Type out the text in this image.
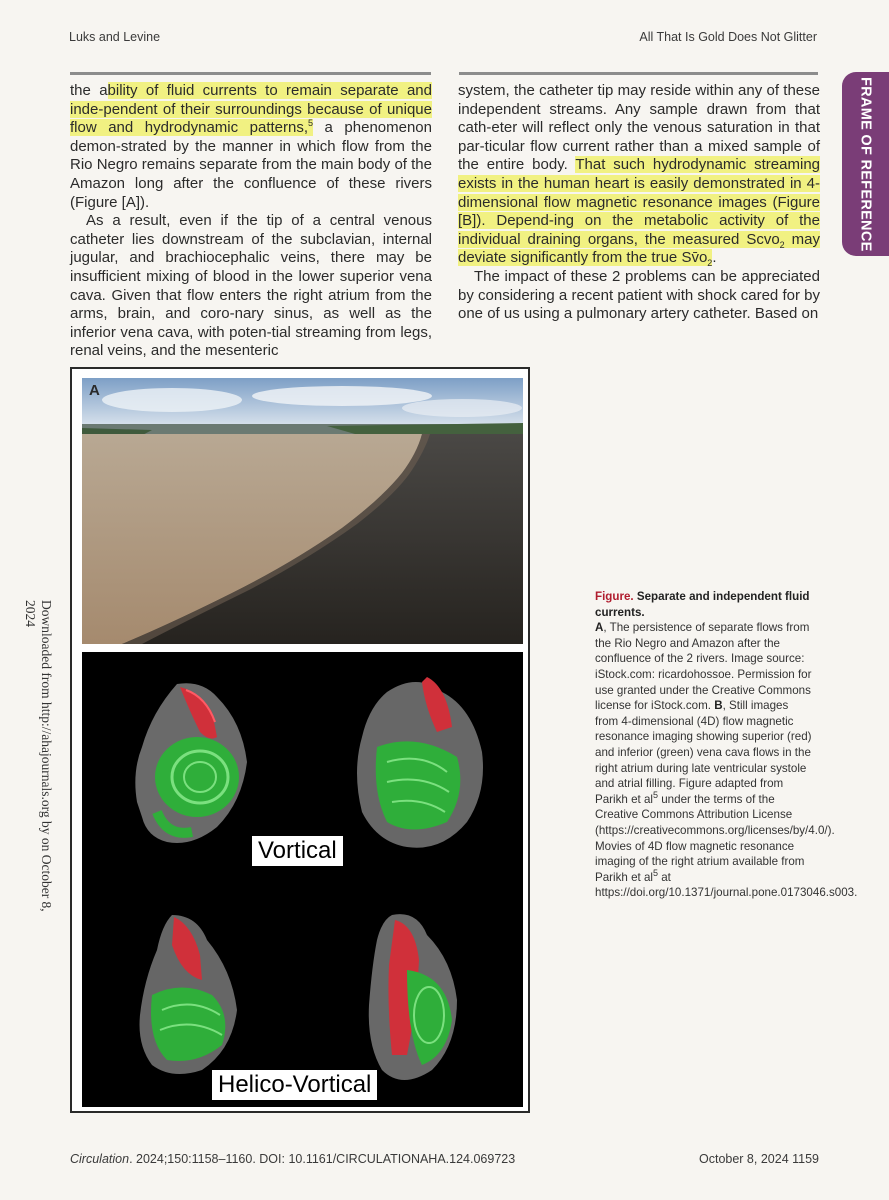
Luks and Levine	All That Is Gold Does Not Glitter
FRAME OF REFERENCE
Downloaded from http://ahajournals.org by on October 8, 2024

the ability of fluid currents to remain separate and inde-pendent of their surroundings because of unique flow and hydrodynamic patterns,$^5$ a phenomenon demon-strated by the manner in which flow from the Rio Negro remains separate from the main body of the Amazon long after the confluence of these rivers (Figure [A]).

As a result, even if the tip of a central venous catheter lies downstream of the subclavian, internal jugular, and brachiocephalic veins, there may be insufficient mixing of blood in the lower superior vena cava. Given that flow enters the right atrium from the arms, brain, and coro-nary sinus, as well as the inferior vena cava, with poten-tial streaming from legs, renal veins, and the mesenteric

system, the catheter tip may reside within any of these independent streams. Any sample drawn from that cath-eter will reflect only the venous saturation in that par-ticular flow current rather than a mixed sample of the entire body. That such hydrodynamic streaming exists in the human heart is easily demonstrated in 4-dimensional flow magnetic resonance images (Figure [B]). Depend-ing on the metabolic activity of the individual draining organs, the measured Scvo$_2$ may deviate significantly from the true $Sv̄o_2$.

The impact of these 2 problems can be appreciated by considering a recent patient with shock cared for by one of us using a pulmonary artery catheter. Based on

A
Vortical
Helico-Vortical
Figure. Separate and independent fluid currents.
A, The persistence of separate flows from the Rio Negro and Amazon after the confluence of the 2 rivers. Image source: iStock.com: ricardohossoe. Permission for use granted under the Creative Commons license for iStock.com. B, Still images from 4-dimensional (4D) flow magnetic resonance imaging showing superior (red) and inferior (green) vena cava flows in the right atrium during late ventricular systole and atrial filling. Figure adapted from Parikh et $al^5$ under the terms of the Creative Commons Attribution License (https://creativecommons.org/licenses/by/4.0/). Movies of 4D flow magnetic resonance imaging of the right atrium available from Parikh et $al^5$ at https://doi.org/10.1371/journal.pone.0173046.s003.
Circulation. 2024;150:1158–1160. DOI: 10.1161/CIRCULATIONAHA.124.069723	October 8, 2024 1159
